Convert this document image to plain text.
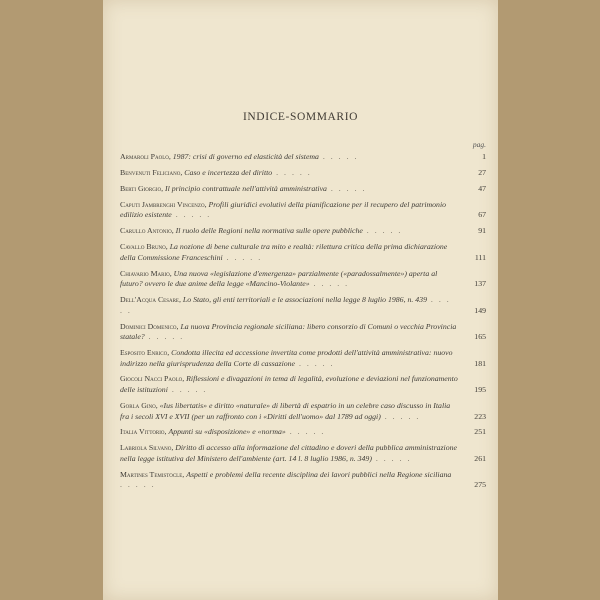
INDICE-SOMMARIO
pag.
Armaroli Paolo, 1987: crisi di governo ed elasticità del sistema . . . . .	1
Benvenuti Feliciano, Caso e incertezza del diritto . . . . .	27
Berti Giorgio, Il principio contrattuale nell'attività amministrativa . . . . .	47
Caputi Jambrenghi Vincenzo, Profili giuridici evolutivi della pianificazione per il recupero del patrimonio edilizio esistente . . . . .	67
Carullo Antonio, Il ruolo delle Regioni nella normativa sulle opere pubbliche . . . . .	91
Cavallo Bruno, La nozione di bene culturale tra mito e realtà: rilettura critica della prima dichiarazione della Commissione Franceschini . . . . .	111
Chiavario Mario, Una nuova «legislazione d'emergenza» parzialmente («paradossalmente») aperta al futuro? ovvero le due anime della legge «Mancino-Violante» . . . . .	137
Dell'Acqua Cesare, Lo Stato, gli enti territoriali e le associazioni nella legge 8 luglio 1986, n. 439 . . . . .	149
Dominici Domenico, La nuova Provincia regionale siciliana: libero consorzio di Comuni o vecchia Provincia statale? . . . . .	165
Esposito Enrico, Condotta illecita ed accessione invertita come prodotti dell'attività amministrativa: nuovo indirizzo nella giurisprudenza della Corte di cassazione . . . . .	181
Giocoli Nacci Paolo, Riflessioni e divagazioni in tema di legalità, evoluzione e deviazioni nel funzionamento delle istituzioni . . . . .	195
Gorla Gino, «Ius libertatis» e diritto «naturale» di libertà di espatrio in un celebre caso discusso in Italia fra i secoli XVI e XVII (per un raffronto con i «Diritti dell'uomo» dal 1789 ad oggi) . . . . .	223
Italia Vittorio, Appunti su «disposizione» e «norma» . . . . .	251
Labriola Silvano, Diritto di accesso alla informazione del cittadino e doveri della pubblica amministrazione nella legge istitutiva del Ministero dell'ambiente (art. 14 l. 8 luglio 1986, n. 349) . . . . .	261
Martines Temistocle, Aspetti e problemi della recente disciplina dei lavori pubblici nella Regione siciliana . . . . .	275
